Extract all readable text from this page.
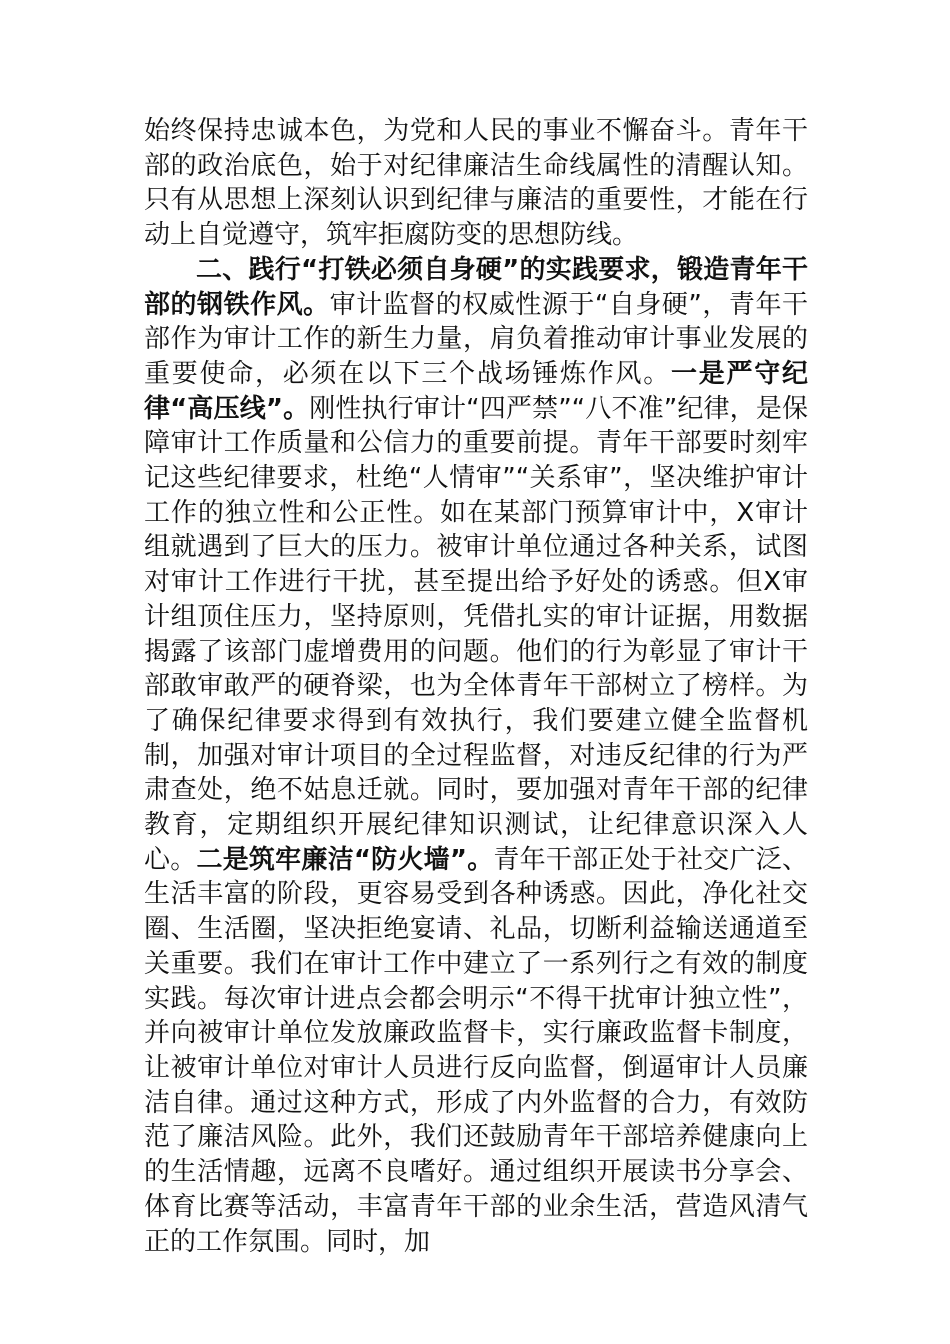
始终保持忠诚本色，为党和人民的事业不懈奋斗。青年干部的政治底色，始于对纪律廉洁生命线属性的清醒认知。只有从思想上深刻认识到纪律与廉洁的重要性，才能在行动上自觉遵守，筑牢拒腐防变的思想防线。

二、践行“打铁必须自身硬”的实践要求，锻造青年干部的钢铁作风。审计监督的权威性源于“自身硬”，青年干部作为审计工作的新生力量，肩负着推动审计事业发展的重要使命，必须在以下三个战场锤炼作风。一是严守纪律“高压线”。刚性执行审计“四严禁”“八不准”纪律，是保障审计工作质量和公信力的重要前提。青年干部要时刻牢记这些纪律要求，杜绝“人情审”“关系审”，坚决维护审计工作的独立性和公正性。如在某部门预算审计中，X审计组就遇到了巨大的压力。被审计单位通过各种关系，试图对审计工作进行干扰，甚至提出给予好处的诱惑。但X审计组顶住压力，坚持原则，凭借扎实的审计证据，用数据揭露了该部门虚增费用的问题。他们的行为彰显了审计干部敢审敢严的硬脊梁，也为全体青年干部树立了榜样。为了确保纪律要求得到有效执行，我们要建立健全监督机制，加强对审计项目的全过程监督，对违反纪律的行为严肃查处，绝不姑息迁就。同时，要加强对青年干部的纪律教育，定期组织开展纪律知识测试，让纪律意识深入人心。二是筑牢廉洁“防火墙”。青年干部正处于社交广泛、生活丰富的阶段，更容易受到各种诱惑。因此，净化社交圈、生活圈，坚决拒绝宴请、礼品，切断利益输送通道至关重要。我们在审计工作中建立了一系列行之有效的制度实践。每次审计进点会都会明示“不得干扰审计独立性”，并向被审计单位发放廉政监督卡，实行廉政监督卡制度，让被审计单位对审计人员进行反向监督，倒逼审计人员廉洁自律。通过这种方式，形成了内外监督的合力，有效防范了廉洁风险。此外，我们还鼓励青年干部培养健康向上的生活情趣，远离不良嗜好。通过组织开展读书分享会、体育比赛等活动，丰富青年干部的业余生活，营造风清气正的工作氛围。同时，加
